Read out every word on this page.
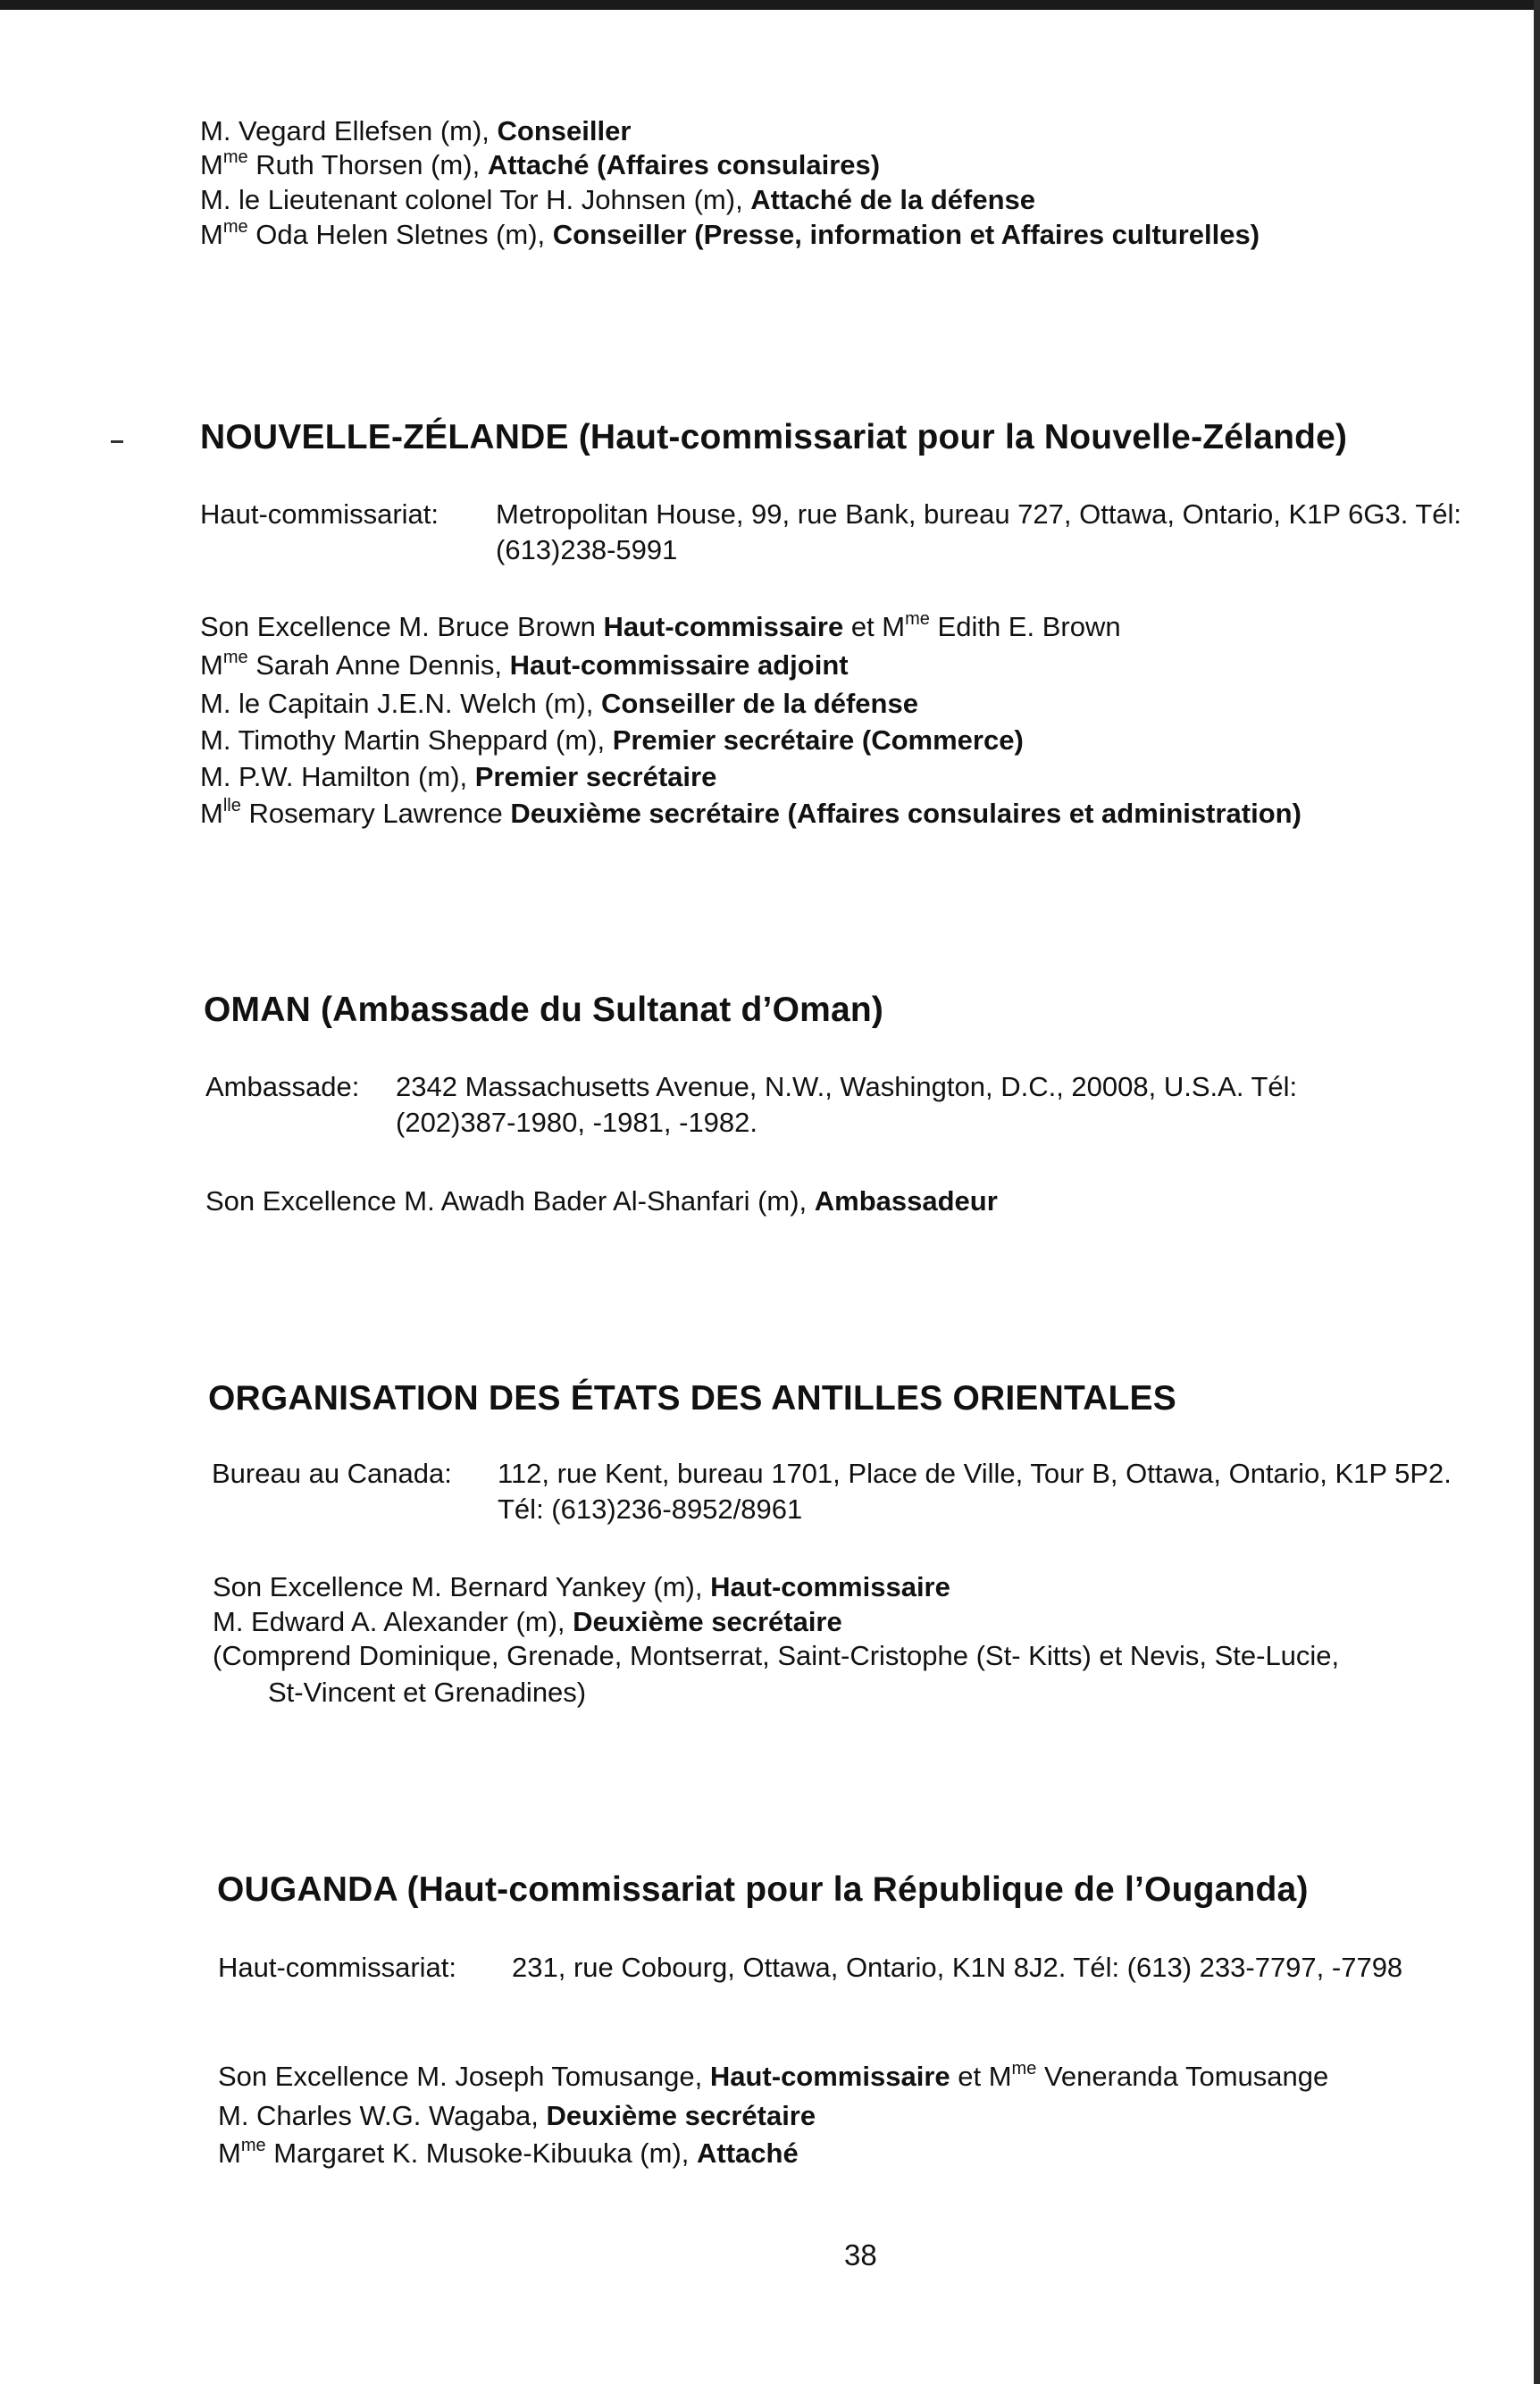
M. Vegard Ellefsen (m), Conseiller
$M^{me}$ Ruth Thorsen (m), Attaché (Affaires consulaires)
M. le Lieutenant colonel Tor H. Johnsen (m), Attaché de la défense
$M^{me}$ Oda Helen Sletnes (m), Conseiller (Presse, information et Affaires culturelles)
NOUVELLE-ZÉLANDE (Haut-commissariat pour la Nouvelle-Zélande)
Haut-commissariat: Metropolitan House, 99, rue Bank, bureau 727, Ottawa, Ontario, K1P 6G3. Tél: (613)238-5991
Son Excellence M. Bruce Brown Haut-commissaire et $M^{me}$ Edith E. Brown
$M^{me}$ Sarah Anne Dennis, Haut-commissaire adjoint
M. le Capitain J.E.N. Welch (m), Conseiller de la défense
M. Timothy Martin Sheppard (m), Premier secrétaire (Commerce)
M. P.W. Hamilton (m), Premier secrétaire
$M^{lle}$ Rosemary Lawrence Deuxième secrétaire (Affaires consulaires et administration)
OMAN (Ambassade du Sultanat d’Oman)
Ambassade: 2342 Massachusetts Avenue, N.W., Washington, D.C., 20008, U.S.A. Tél: (202)387-1980, -1981, -1982.
Son Excellence M. Awadh Bader Al-Shanfari (m), Ambassadeur
ORGANISATION DES ÉTATS DES ANTILLES ORIENTALES
Bureau au Canada: 112, rue Kent, bureau 1701, Place de Ville, Tour B, Ottawa, Ontario, K1P 5P2. Tél: (613)236-8952/8961
Son Excellence M. Bernard Yankey (m), Haut-commissaire
M. Edward A. Alexander (m), Deuxième secrétaire
(Comprend Dominique, Grenade, Montserrat, Saint-Cristophe (St- Kitts) et Nevis, Ste-Lucie,
St-Vincent et Grenadines)
OUGANDA (Haut-commissariat pour la République de l’Ouganda)
Haut-commissariat: 231, rue Cobourg, Ottawa, Ontario, K1N 8J2. Tél: (613) 233-7797, -7798
Son Excellence M. Joseph Tomusange, Haut-commissaire et $M^{me}$ Veneranda Tomusange
M. Charles W.G. Wagaba, Deuxième secrétaire
$M^{me}$ Margaret K. Musoke-Kibuuka (m), Attaché
38
